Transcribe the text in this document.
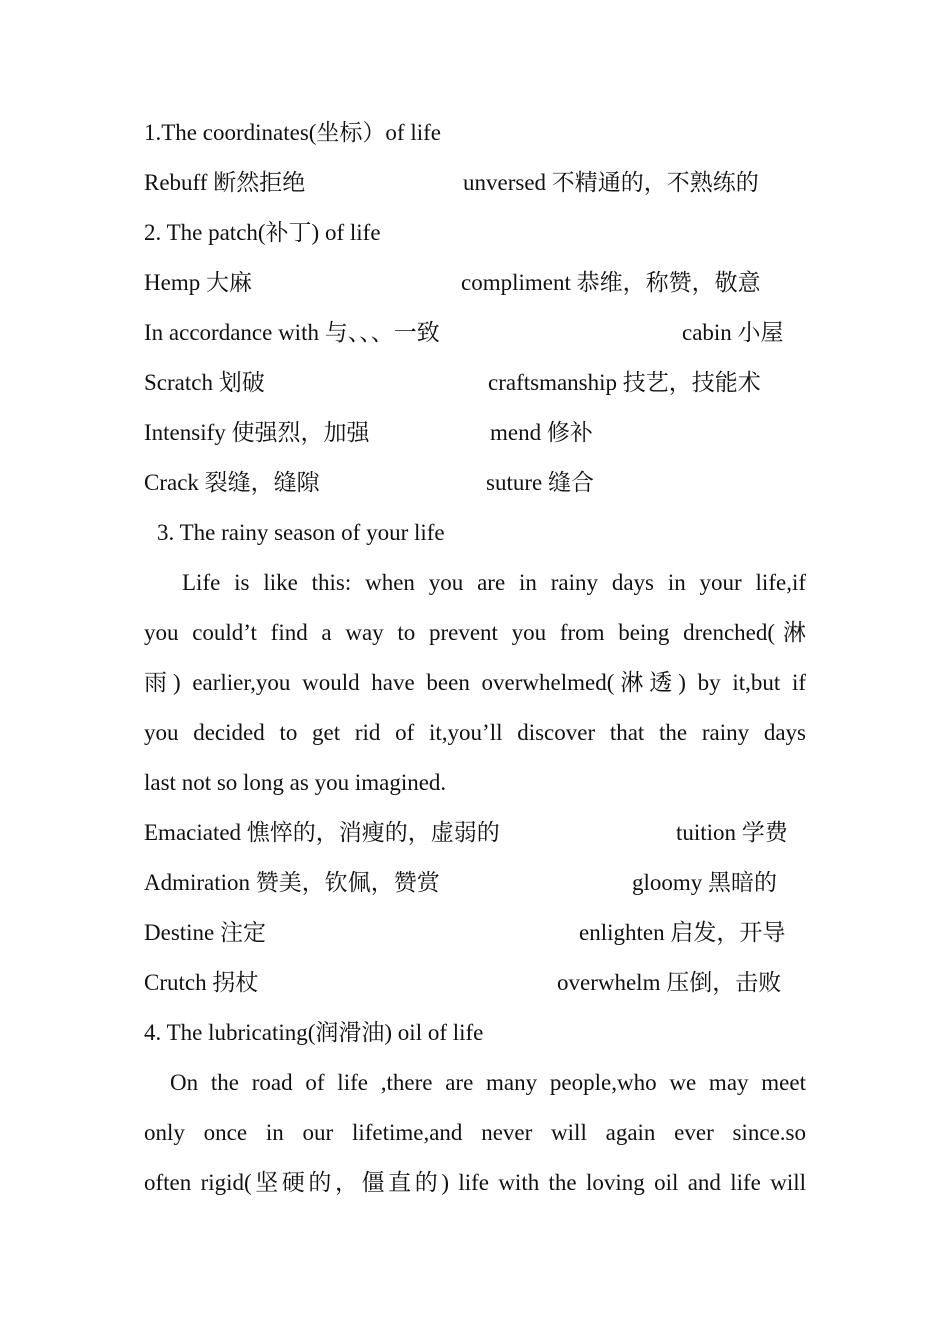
1.The coordinates(坐标）of life
Rebuff 断然拒绝	unversed 不精通的，不熟练的
2. The patch(补丁) of life
Hemp 大麻	compliment 恭维，称赞，敬意
In accordance with 与、、、一致	cabin 小屋
Scratch 划破	craftsmanship 技艺，技能术
Intensify 使强烈，加强	mend 修补
Crack 裂缝，缝隙	suture 缝合
3. The rainy season of your life
Life is like this: when you are in rainy days in your life,if
you could’t find a way to prevent you from being drenched(淋
雨) earlier,you would have been overwhelmed(淋透) by it,but if
you decided to get rid of it,you’ll discover that the rainy days
last not so long as you imagined.
Emaciated 憔悴的，消瘦的，虚弱的	tuition 学费
Admiration 赞美，钦佩，赞赏	gloomy 黑暗的
Destine 注定	enlighten 启发，开导
Crutch 拐杖	overwhelm 压倒，击败
4. The lubricating(润滑油) oil of life
On the road of life ,there are many people,who we may meet
only once in our lifetime,and never will again ever since.so
often rigid(坚硬的，僵直的) life with the loving oil and life will
